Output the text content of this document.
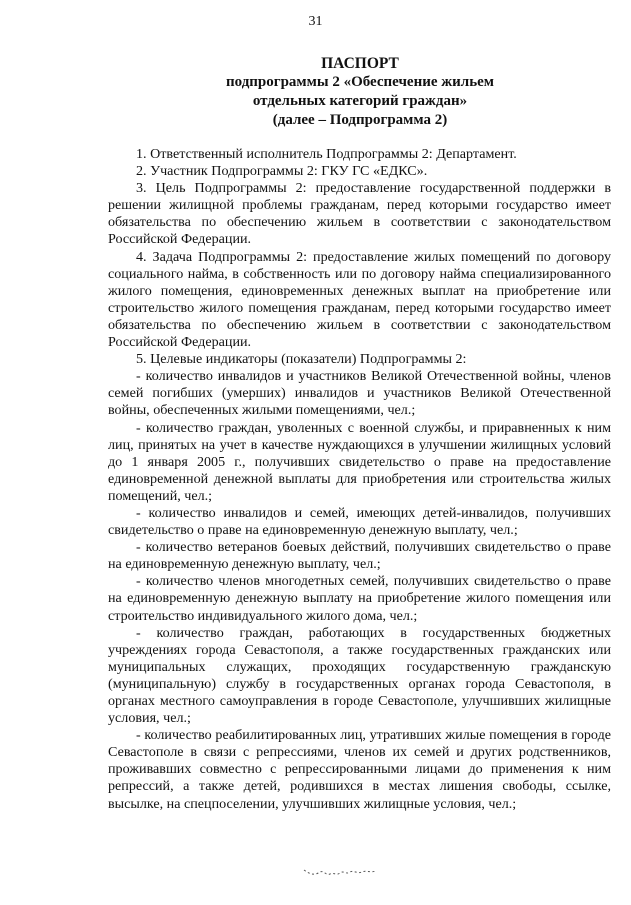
31
ПАСПОРТ
подпрограммы 2 «Обеспечение жильем
отдельных категорий граждан»
(далее – Подпрограмма 2)

1. Ответственный исполнитель Подпрограммы 2: Департамент.

2. Участник Подпрограммы 2: ГКУ ГС «ЕДКС».

3. Цель Подпрограммы 2: предоставление государственной поддержки в решении жилищной проблемы гражданам, перед которыми государство имеет обязательства по обеспечению жильем в соответствии с законодательством Российской Федерации.

4. Задача Подпрограммы 2: предоставление жилых помещений по договору социального найма, в собственность или по договору найма специализированного жилого помещения, единовременных денежных выплат на приобретение или строительство жилого помещения гражданам, перед которыми государство имеет обязательства по обеспечению жильем в соответствии с законодательством Российской Федерации.

5. Целевые индикаторы (показатели) Подпрограммы 2:

- количество инвалидов и участников Великой Отечественной войны, членов семей погибших (умерших) инвалидов и участников Великой Отечественной войны, обеспеченных жилыми помещениями, чел.;

- количество граждан, уволенных с военной службы, и приравненных к ним лиц, принятых на учет в качестве нуждающихся в улучшении жилищных условий до 1 января 2005 г., получивших свидетельство о праве на предоставление единовременной денежной выплаты для приобретения или строительства жилых помещений, чел.;

- количество инвалидов и семей, имеющих детей-инвалидов, получивших свидетельство о праве на единовременную денежную выплату, чел.;

- количество ветеранов боевых действий, получивших свидетельство о праве на единовременную денежную выплату, чел.;

- количество членов многодетных семей, получивших свидетельство о праве на единовременную денежную выплату на приобретение жилого помещения или строительство индивидуального жилого дома, чел.;

- количество граждан, работающих в государственных бюджетных учреждениях города Севастополя, а также государственных гражданских или муниципальных служащих, проходящих государственную гражданскую (муниципальную) службу в государственных органах города Севастополя, в органах местного самоуправления в городе Севастополе, улучшивших жилищные условия, чел.;

- количество реабилитированных лиц, утративших жилые помещения в городе Севастополе в связи с репрессиями, членов их семей и других родственников, проживавших совместно с репрессированными лицами до применения к ним репрессий, а также детей, родившихся в местах лишения свободы, ссылке, высылке, на спецпоселении, улучшивших жилищные условия, чел.;
